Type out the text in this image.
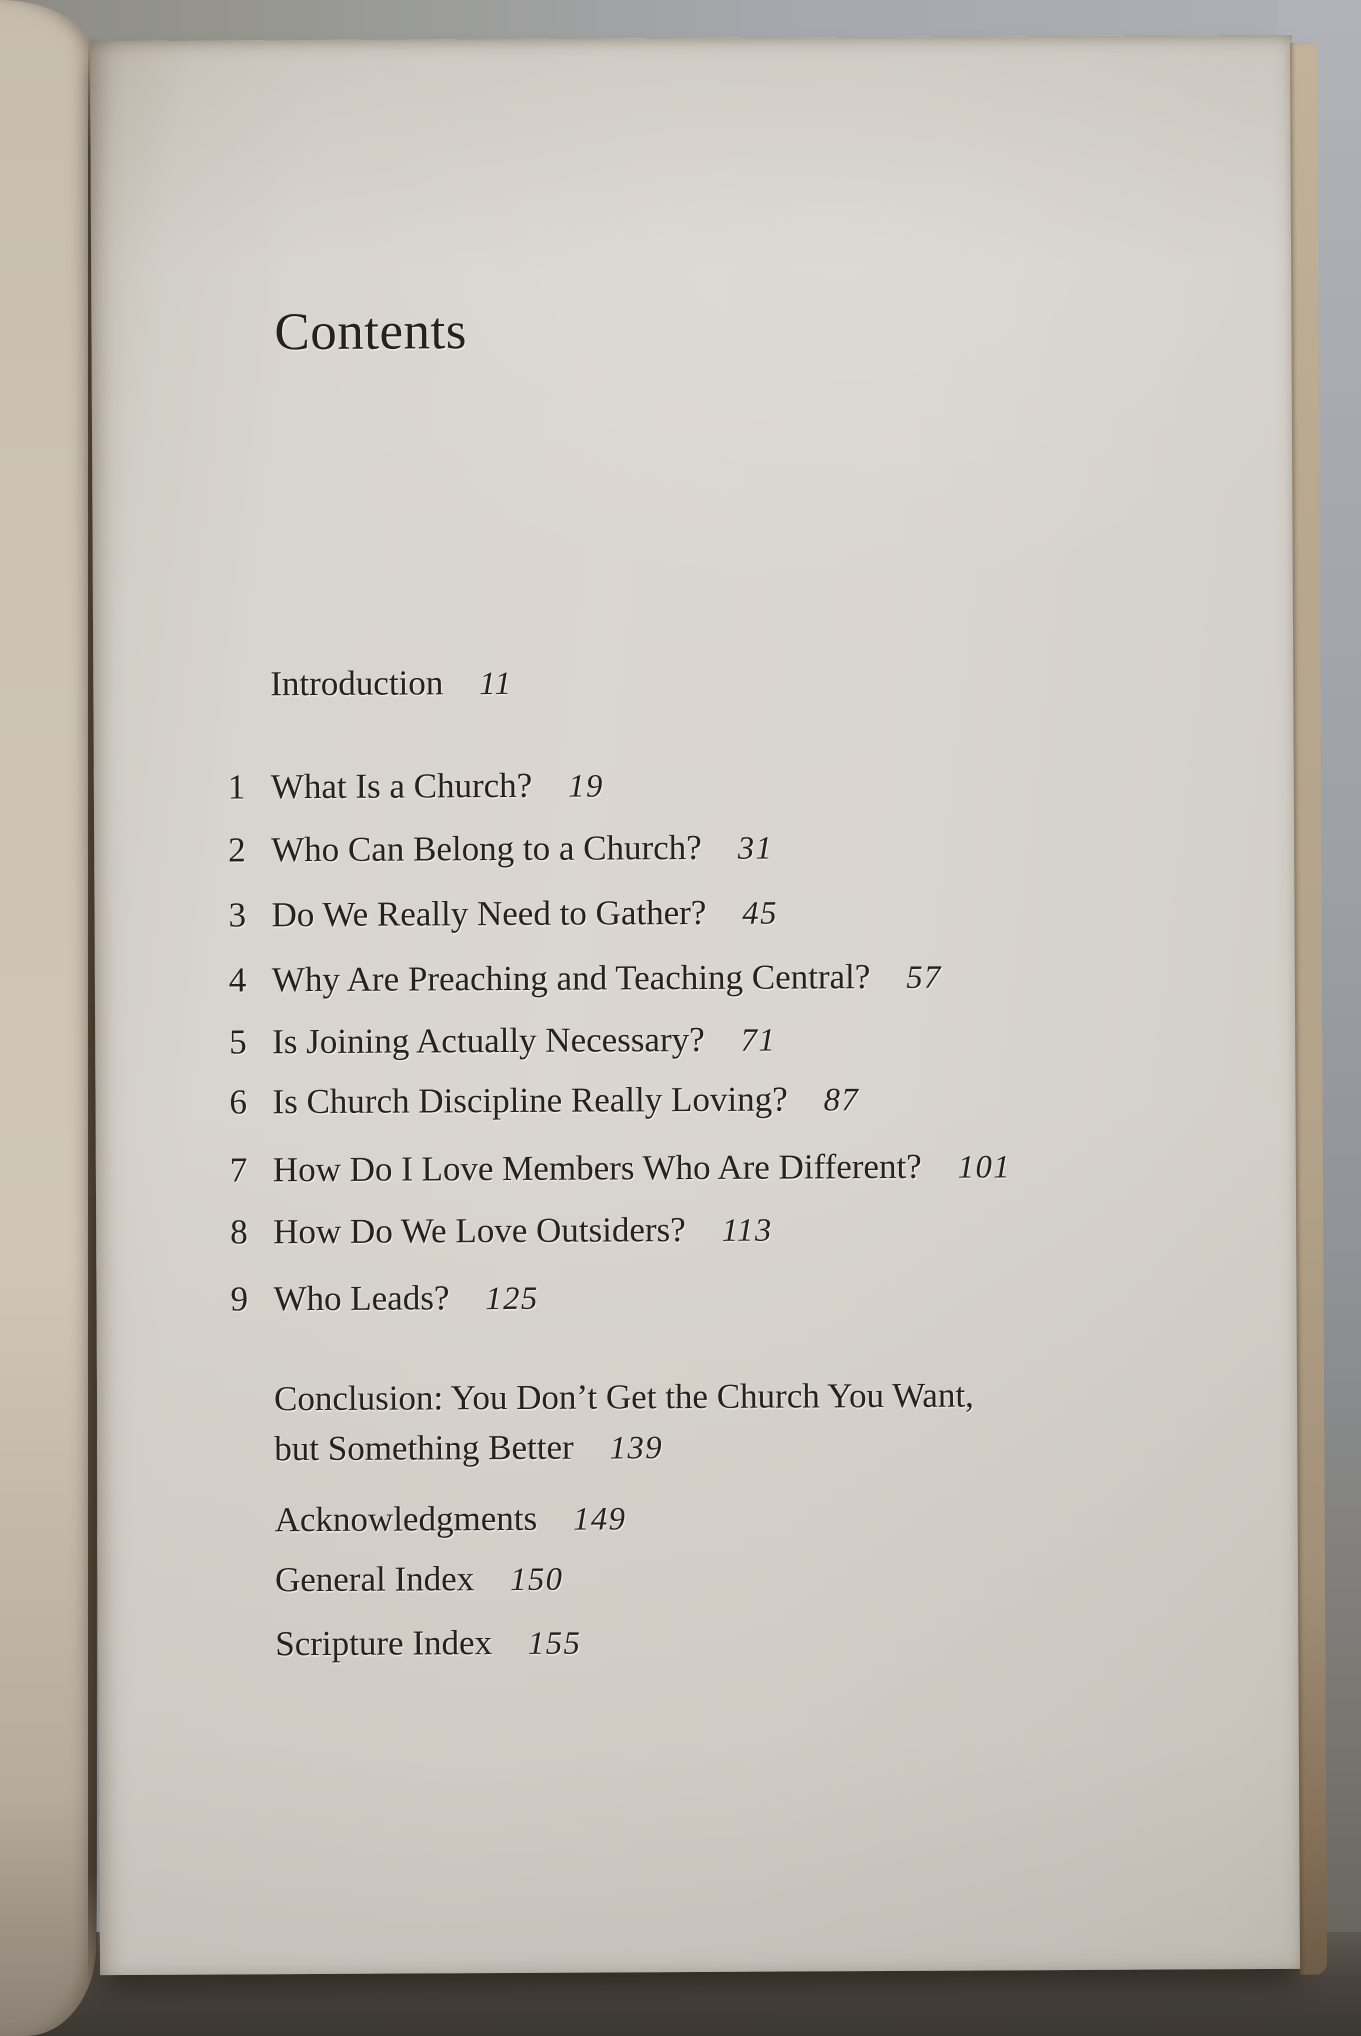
Contents
Introduction 11
1 What Is a Church? 19
2 Who Can Belong to a Church? 31
3 Do We Really Need to Gather? 45
4 Why Are Preaching and Teaching Central? 57
5 Is Joining Actually Necessary? 71
6 Is Church Discipline Really Loving? 87
7 How Do I Love Members Who Are Different? 101
8 How Do We Love Outsiders? 113
9 Who Leads? 125
Conclusion: You Don’t Get the Church You Want,
but Something Better 139
Acknowledgments 149
General Index 150
Scripture Index 155
